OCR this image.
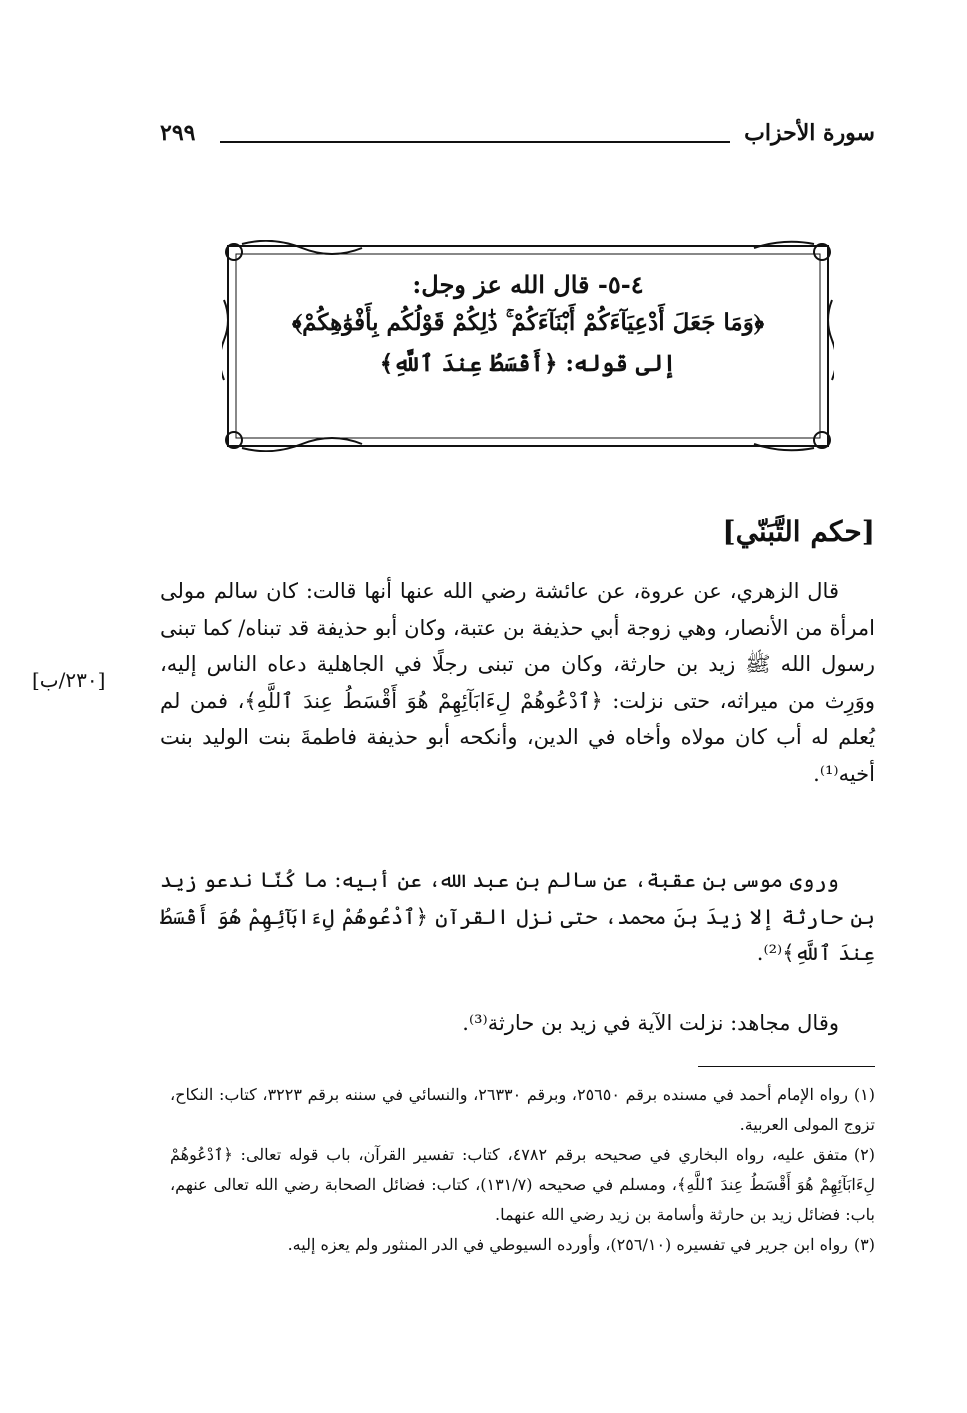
سورة الأحزاب
٢٩٩
٤-٥- قال الله عز وجل:
﴿وَمَا جَعَلَ أَدْعِيَآءَكُمْ أَبْنَآءَكُمْ ۚ ذَٰلِكُمْ قَوْلُكُم بِأَفْوَٰهِكُمْ﴾
إلى قوله: ﴿أَقْسَطُ عِندَ ٱللَّهِ﴾
[حكم التَّبَنّي]
قال الزهري، عن عروة، عن عائشة رضي الله عنها أنها قالت: كان سالم مولى امرأة من الأنصار، وهي زوجة أبي حذيفة بن عتبة، وكان أبو حذيفة قد تبناه/ كما تبنى رسول الله ﷺ زيد بن حارثة، وكان من تبنى رجلًا في الجاهلية دعاه الناس إليه، ووَرِث من ميراثه، حتى نزلت: ﴿ٱدْعُوهُمْ لِءَابَآئِهِمْ هُوَ أَقْسَطُ عِندَ ٱللَّهِ﴾، فمن لم يُعلم له أب كان مولاه وأخاه في الدين، وأنكحه أبو حذيفة فاطمةَ بنت الوليد بنت أخيه⁽¹⁾.
[٢٣٠/ب]
وروى موسى بن عقبة، عن سالم بن عبد الله، عن أبيه: ما كُنّا ندعو زيد بن حارثة إلا زيدَ بنَ محمد، حتى نزل القرآن ﴿ٱدْعُوهُمْ لِءَابَآئِهِمْ هُوَ أَقْسَطُ عِندَ ٱللَّهِ﴾⁽²⁾.
وقال مجاهد: نزلت الآية في زيد بن حارثة⁽³⁾.

(١)رواه الإمام أحمد في مسنده برقم ٢٥٦٥٠، وبرقم ٢٦٣٣٠، والنسائي في سننه برقم ٣٢٢٣، كتاب: النكاح، تزوج المولى العربية.

(٢)متفق عليه، رواه البخاري في صحيحه برقم ٤٧٨٢، كتاب: تفسير القرآن، باب قوله تعالى: ﴿ٱدْعُوهُمْ لِءَابَآئِهِمْ هُوَ أَقْسَطُ عِندَ ٱللَّهِ﴾، ومسلم في صحيحه (١٣١/٧)، كتاب: فضائل الصحابة رضي الله تعالى عنهم، باب: فضائل زيد بن حارثة وأسامة بن زيد رضي الله عنهما.

(٣)رواه ابن جرير في تفسيره (٢٥٦/١٠)، وأورده السيوطي في الدر المنثور ولم يعزه إليه.
